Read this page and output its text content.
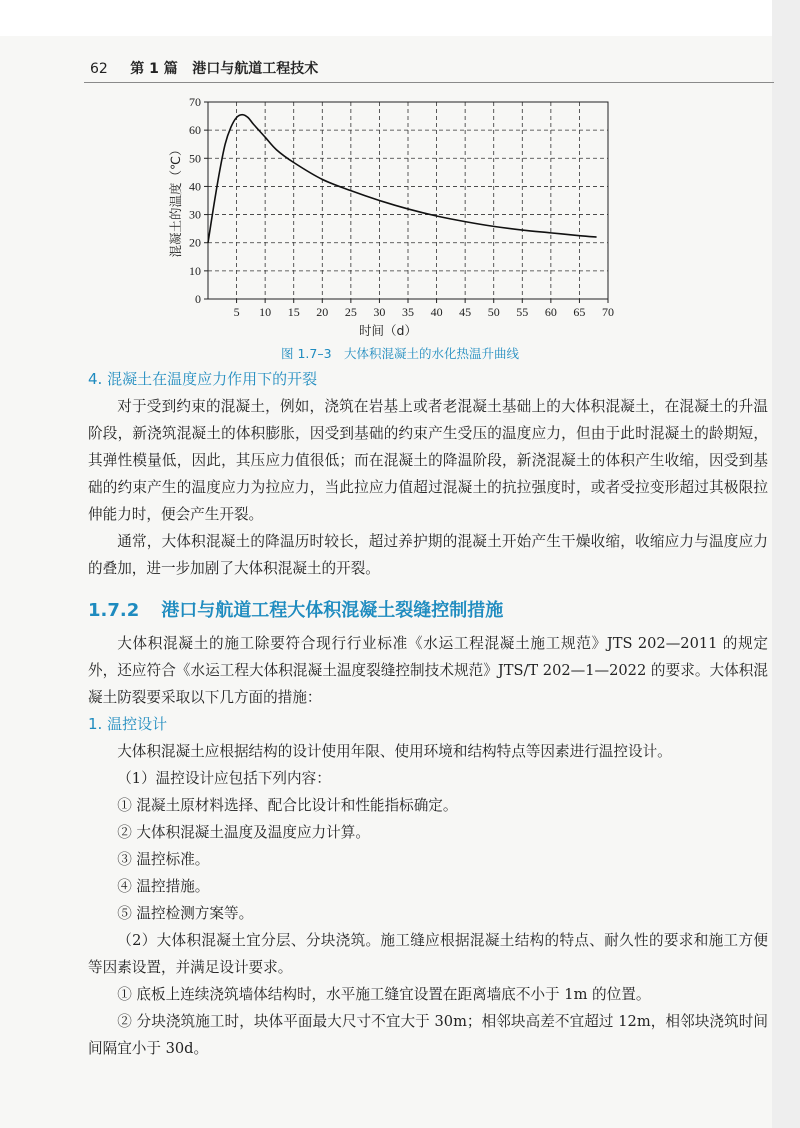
62 第 1 篇 港口与航道工程技术
5 10 15 20 25 30 35 40 45 50 55 60 65 70
0
10
20
30
40
50
60
70
时间（d）
混凝土的温度（℃）
图 1.7–3　大体积混凝土的水化热温升曲线

4. 混凝土在温度应力作用下的开裂

对于受到约束的混凝土，例如，浇筑在岩基上或者老混凝土基础上的大体积混凝土，在混凝土的升温阶段，新浇筑混凝土的体积膨胀，因受到基础的约束产生受压的温度应力，但由于此时混凝土的龄期短，其弹性模量低，因此，其压应力值很低；而在混凝土的降温阶段，新浇混凝土的体积产生收缩，因受到基础的约束产生的温度应力为拉应力，当此拉应力值超过混凝土的抗拉强度时，或者受拉变形超过其极限拉伸能力时，便会产生开裂。

通常，大体积混凝土的降温历时较长，超过养护期的混凝土开始产生干燥收缩，收缩应力与温度应力的叠加，进一步加剧了大体积混凝土的开裂。

1.7.2 港口与航道工程大体积混凝土裂缝控制措施

大体积混凝土的施工除要符合现行行业标准《水运工程混凝土施工规范》JTS 202—2011 的规定外，还应符合《水运工程大体积混凝土温度裂缝控制技术规范》JTS/T 202—1—2022 的要求。大体积混凝土防裂要采取以下几方面的措施：

1. 温控设计

大体积混凝土应根据结构的设计使用年限、使用环境和结构特点等因素进行温控设计。

（1）温控设计应包括下列内容：

① 混凝土原材料选择、配合比设计和性能指标确定。

② 大体积混凝土温度及温度应力计算。

③ 温控标准。

④ 温控措施。

⑤ 温控检测方案等。

（2）大体积混凝土宜分层、分块浇筑。施工缝应根据混凝土结构的特点、耐久性的要求和施工方便等因素设置，并满足设计要求。

① 底板上连续浇筑墙体结构时，水平施工缝宜设置在距离墙底不小于 1m 的位置。

② 分块浇筑施工时，块体平面最大尺寸不宜大于 30m；相邻块高差不宜超过 12m，相邻块浇筑时间间隔宜小于 30d。
